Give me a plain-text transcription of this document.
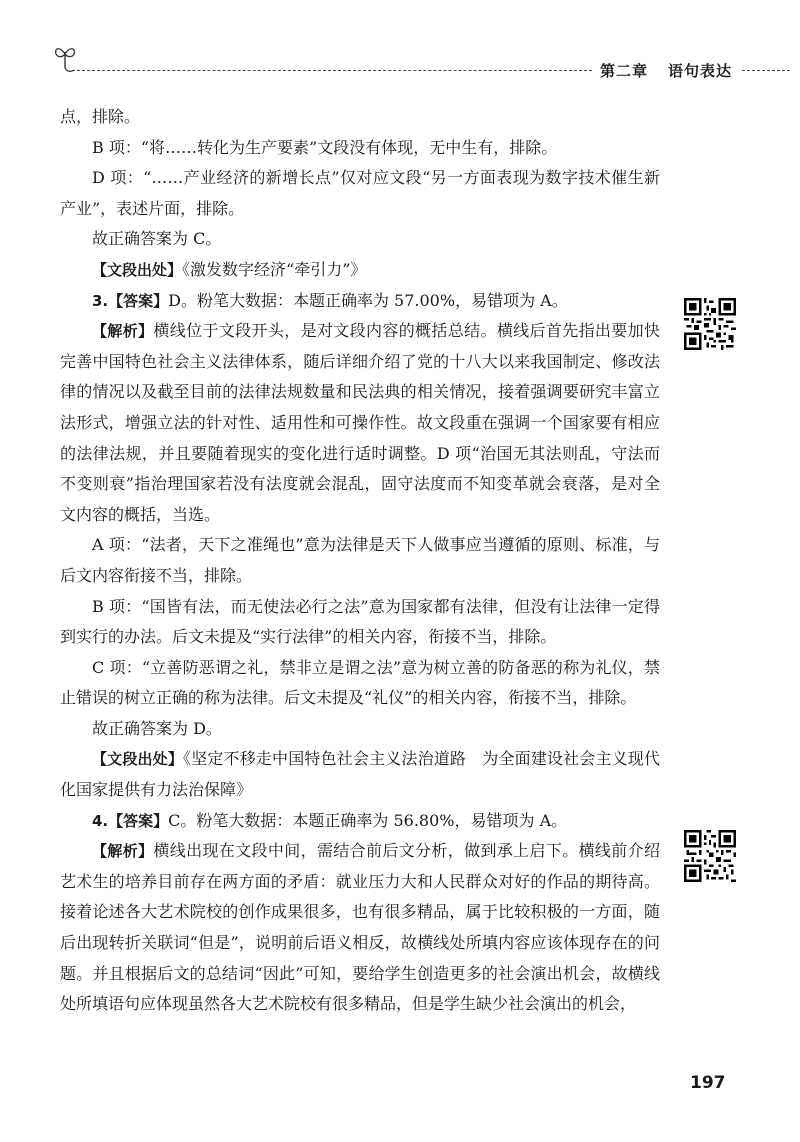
第二章 语句表达

点，排除。

B 项：“将……转化为生产要素”文段没有体现，无中生有，排除。

D 项：“……产业经济的新增长点”仅对应文段“另一方面表现为数字技术催生新产业”，表述片面，排除。

故正确答案为 C。

【文段出处】《激发数字经济“牵引力”》

3.【答案】D。粉笔大数据：本题正确率为 57.00%，易错项为 A。

【解析】横线位于文段开头，是对文段内容的概括总结。横线后首先指出要加快完善中国特色社会主义法律体系，随后详细介绍了党的十八大以来我国制定、修改法律的情况以及截至目前的法律法规数量和民法典的相关情况，接着强调要研究丰富立法形式，增强立法的针对性、适用性和可操作性。故文段重在强调一个国家要有相应的法律法规，并且要随着现实的变化进行适时调整。D 项“治国无其法则乱，守法而不变则衰”指治理国家若没有法度就会混乱，固守法度而不知变革就会衰落，是对全文内容的概括，当选。

A 项：“法者，天下之准绳也”意为法律是天下人做事应当遵循的原则、标准，与后文内容衔接不当，排除。

B 项：“国皆有法，而无使法必行之法”意为国家都有法律，但没有让法律一定得到实行的办法。后文未提及“实行法律”的相关内容，衔接不当，排除。

C 项：“立善防恶谓之礼，禁非立是谓之法”意为树立善的防备恶的称为礼仪，禁止错误的树立正确的称为法律。后文未提及“礼仪”的相关内容，衔接不当，排除。

故正确答案为 D。

【文段出处】《坚定不移走中国特色社会主义法治道路　为全面建设社会主义现代化国家提供有力法治保障》

4.【答案】C。粉笔大数据：本题正确率为 56.80%，易错项为 A。

【解析】横线出现在文段中间，需结合前后文分析，做到承上启下。横线前介绍艺术生的培养目前存在两方面的矛盾：就业压力大和人民群众对好的作品的期待高。接着论述各大艺术院校的创作成果很多，也有很多精品，属于比较积极的一方面，随后出现转折关联词“但是”，说明前后语义相反，故横线处所填内容应该体现存在的问题。并且根据后文的总结词“因此”可知，要给学生创造更多的社会演出机会，故横线处所填语句应体现虽然各大艺术院校有很多精品，但是学生缺少社会演出的机会，

197
